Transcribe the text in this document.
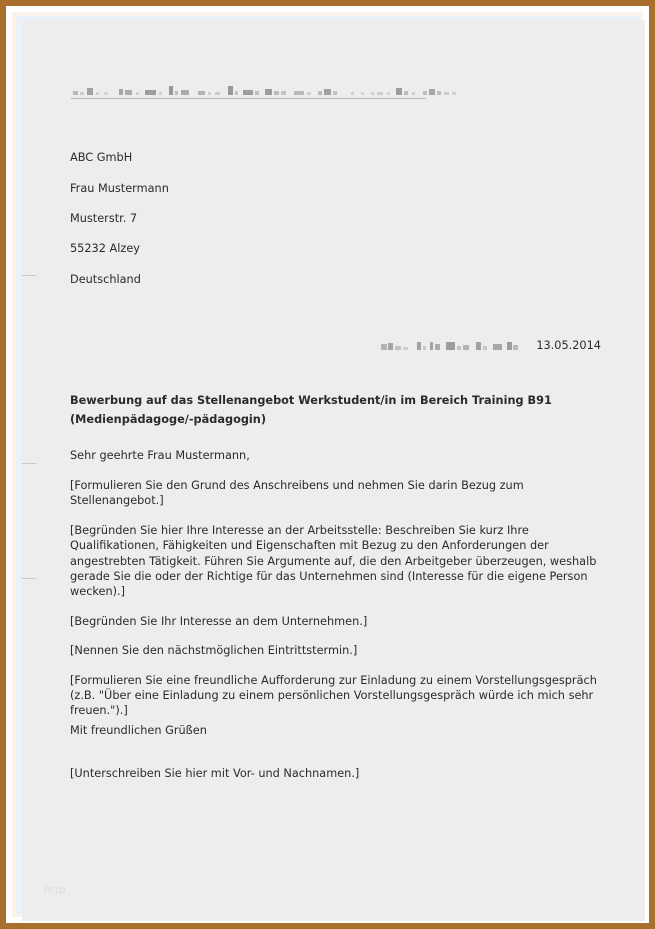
ABC GmbH

Frau Mustermann

Musterstr. 7

55232 Alzey

Deutschland

13.05.2014
Bewerbung auf das Stellenangebot Werkstudent/in im Bereich Training B91
(Medienpädagoge/-pädagogin)
Sehr geehrte Frau Mustermann,

[Formulieren Sie den Grund des Anschreibens und nehmen Sie darin Bezug zum Stellenangebot.]

[Begründen Sie hier Ihre Interesse an der Arbeitsstelle: Beschreiben Sie kurz Ihre Qualifikationen, Fähigkeiten und Eigenschaften mit Bezug zu den Anforderungen der angestrebten Tätigkeit. Führen Sie Argumente auf, die den Arbeitgeber überzeugen, weshalb gerade Sie die oder der Richtige für das Unternehmen sind (Interesse für die eigene Person wecken).]

[Begründen Sie Ihr Interesse an dem Unternehmen.]

[Nennen Sie den nächstmöglichen Eintrittstermin.]

[Formulieren Sie eine freundliche Aufforderung zur Einladung zu einem Vorstellungsgespräch (z.B. "Über eine Einladung zu einem persönlichen Vorstellungsgespräch würde ich mich sehr freuen.").]

Mit freundlichen Grüßen
[Unterschreiben Sie hier mit Vor- und Nachnamen.]
http
